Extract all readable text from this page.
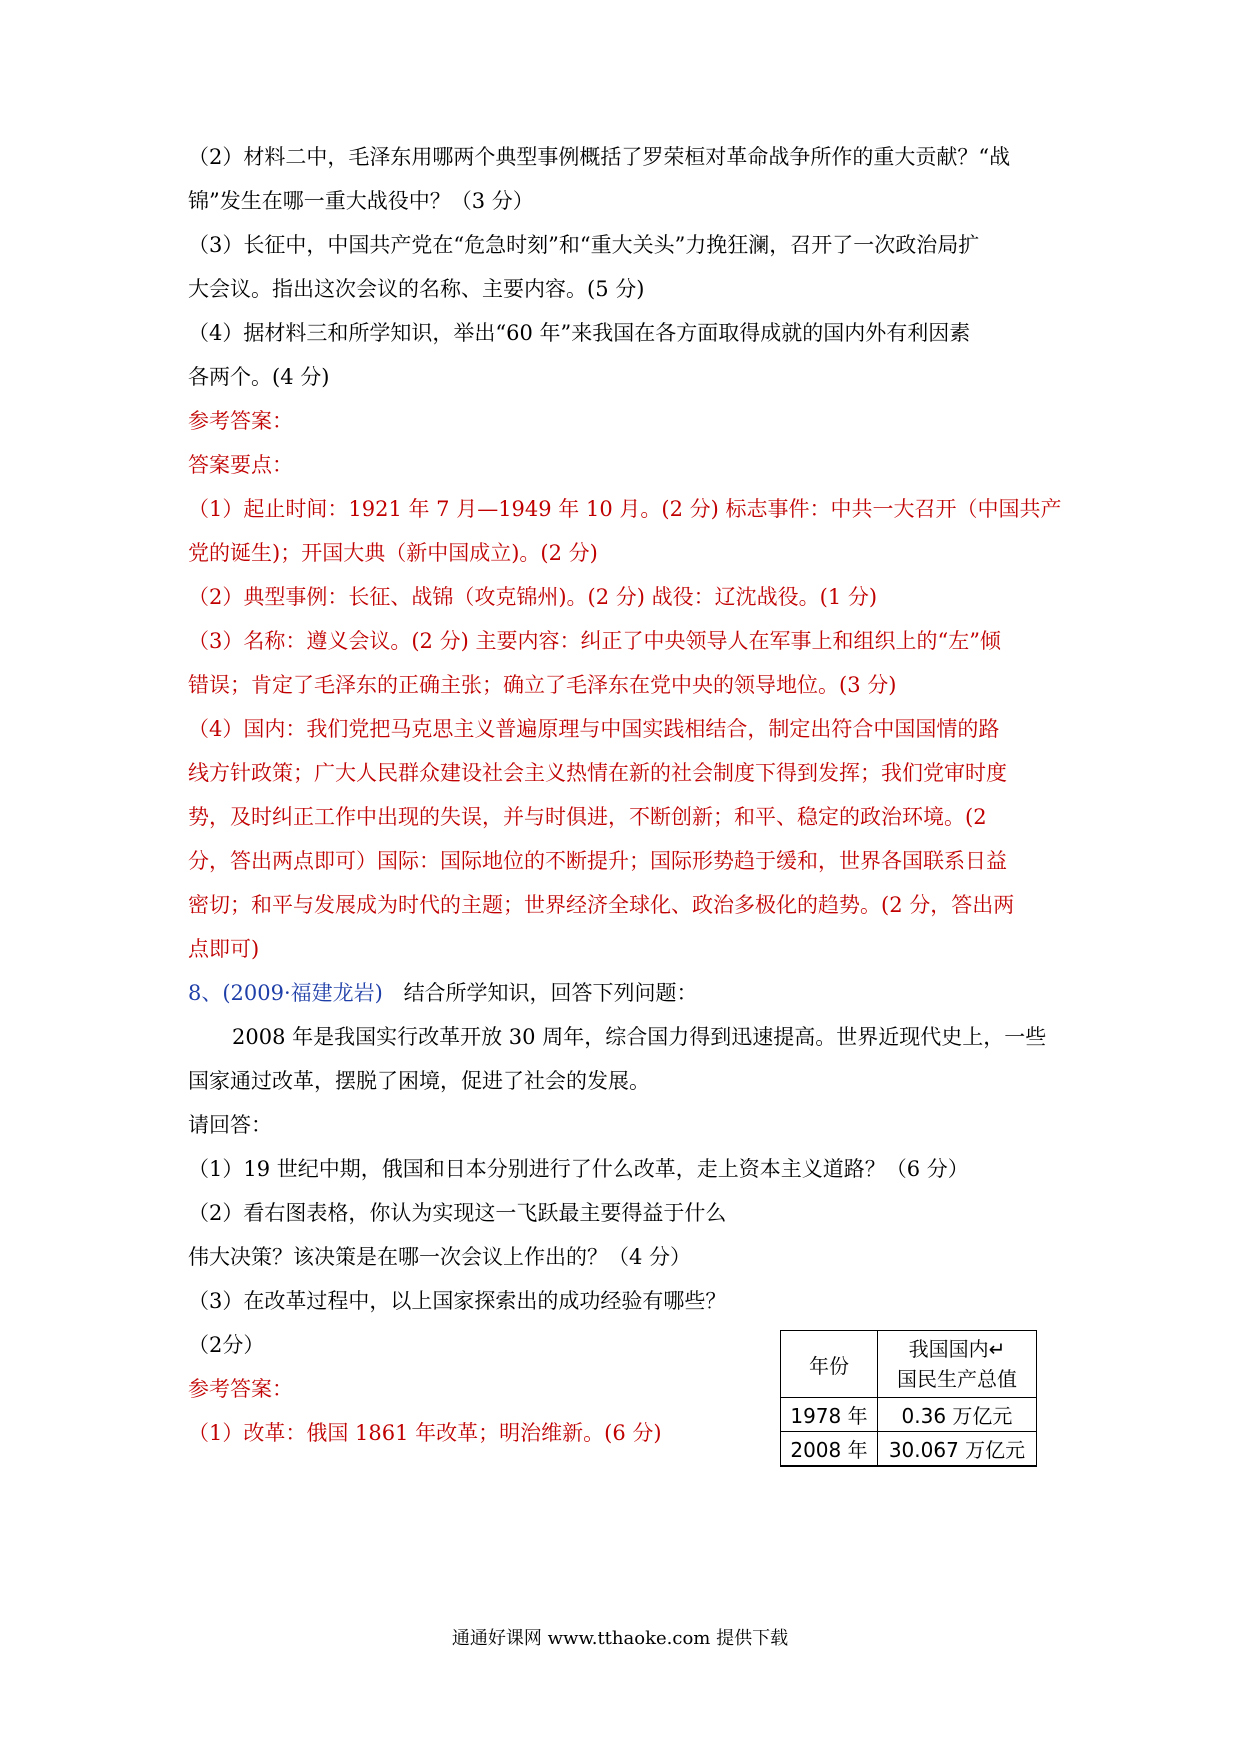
（2）材料二中，毛泽东用哪两个典型事例概括了罗荣桓对革命战争所作的重大贡献？“战
锦”发生在哪一重大战役中？（3 分）
（3）长征中，中国共产党在“危急时刻”和“重大关头”力挽狂澜，召开了一次政治局扩
大会议。指出这次会议的名称、主要内容。(5 分)
（4）据材料三和所学知识，举出“60 年”来我国在各方面取得成就的国内外有利因素
各两个。(4 分)
参考答案：
答案要点：
（1）起止时间：1921 年 7 月—1949 年 10 月。(2 分) 标志事件：中共一大召开（中国共产
党的诞生)；开国大典（新中国成立)。(2 分)
（2）典型事例：长征、战锦（攻克锦州)。(2 分) 战役：辽沈战役。(1 分)
（3）名称：遵义会议。(2 分) 主要内容：纠正了中央领导人在军事上和组织上的“左”倾
错误；肯定了毛泽东的正确主张；确立了毛泽东在党中央的领导地位。(3 分)
（4）国内：我们党把马克思主义普遍原理与中国实践相结合，制定出符合中国国情的路
线方针政策；广大人民群众建设社会主义热情在新的社会制度下得到发挥；我们党审时度
势，及时纠正工作中出现的失误，并与时俱进，不断创新；和平、稳定的政治环境。(2
分，答出两点即可）国际：国际地位的不断提升；国际形势趋于缓和，世界各国联系日益
密切；和平与发展成为时代的主题；世界经济全球化、政治多极化的趋势。(2 分，答出两
点即可)
8、(2009·福建龙岩) 结合所学知识，回答下列问题：
2008 年是我国实行改革开放 30 周年，综合国力得到迅速提高。世界近现代史上，一些
国家通过改革，摆脱了困境，促进了社会的发展。
请回答：
（1）19 世纪中期，俄国和日本分别进行了什么改革，走上资本主义道路？（6 分）
（2）看右图表格，你认为实现这一飞跃最主要得益于什么
伟大决策？该决策是在哪一次会议上作出的？（4 分）
（3）在改革过程中，以上国家探索出的成功经验有哪些？
（2分）
参考答案：
（1）改革：俄国 1861 年改革；明治维新。(6 分)
年份	我国国内↵
国民生产总值

1978 年	0.36 万亿元
2008 年	30.067 万亿元
通通好课网 www.tthaoke.com 提供下载
